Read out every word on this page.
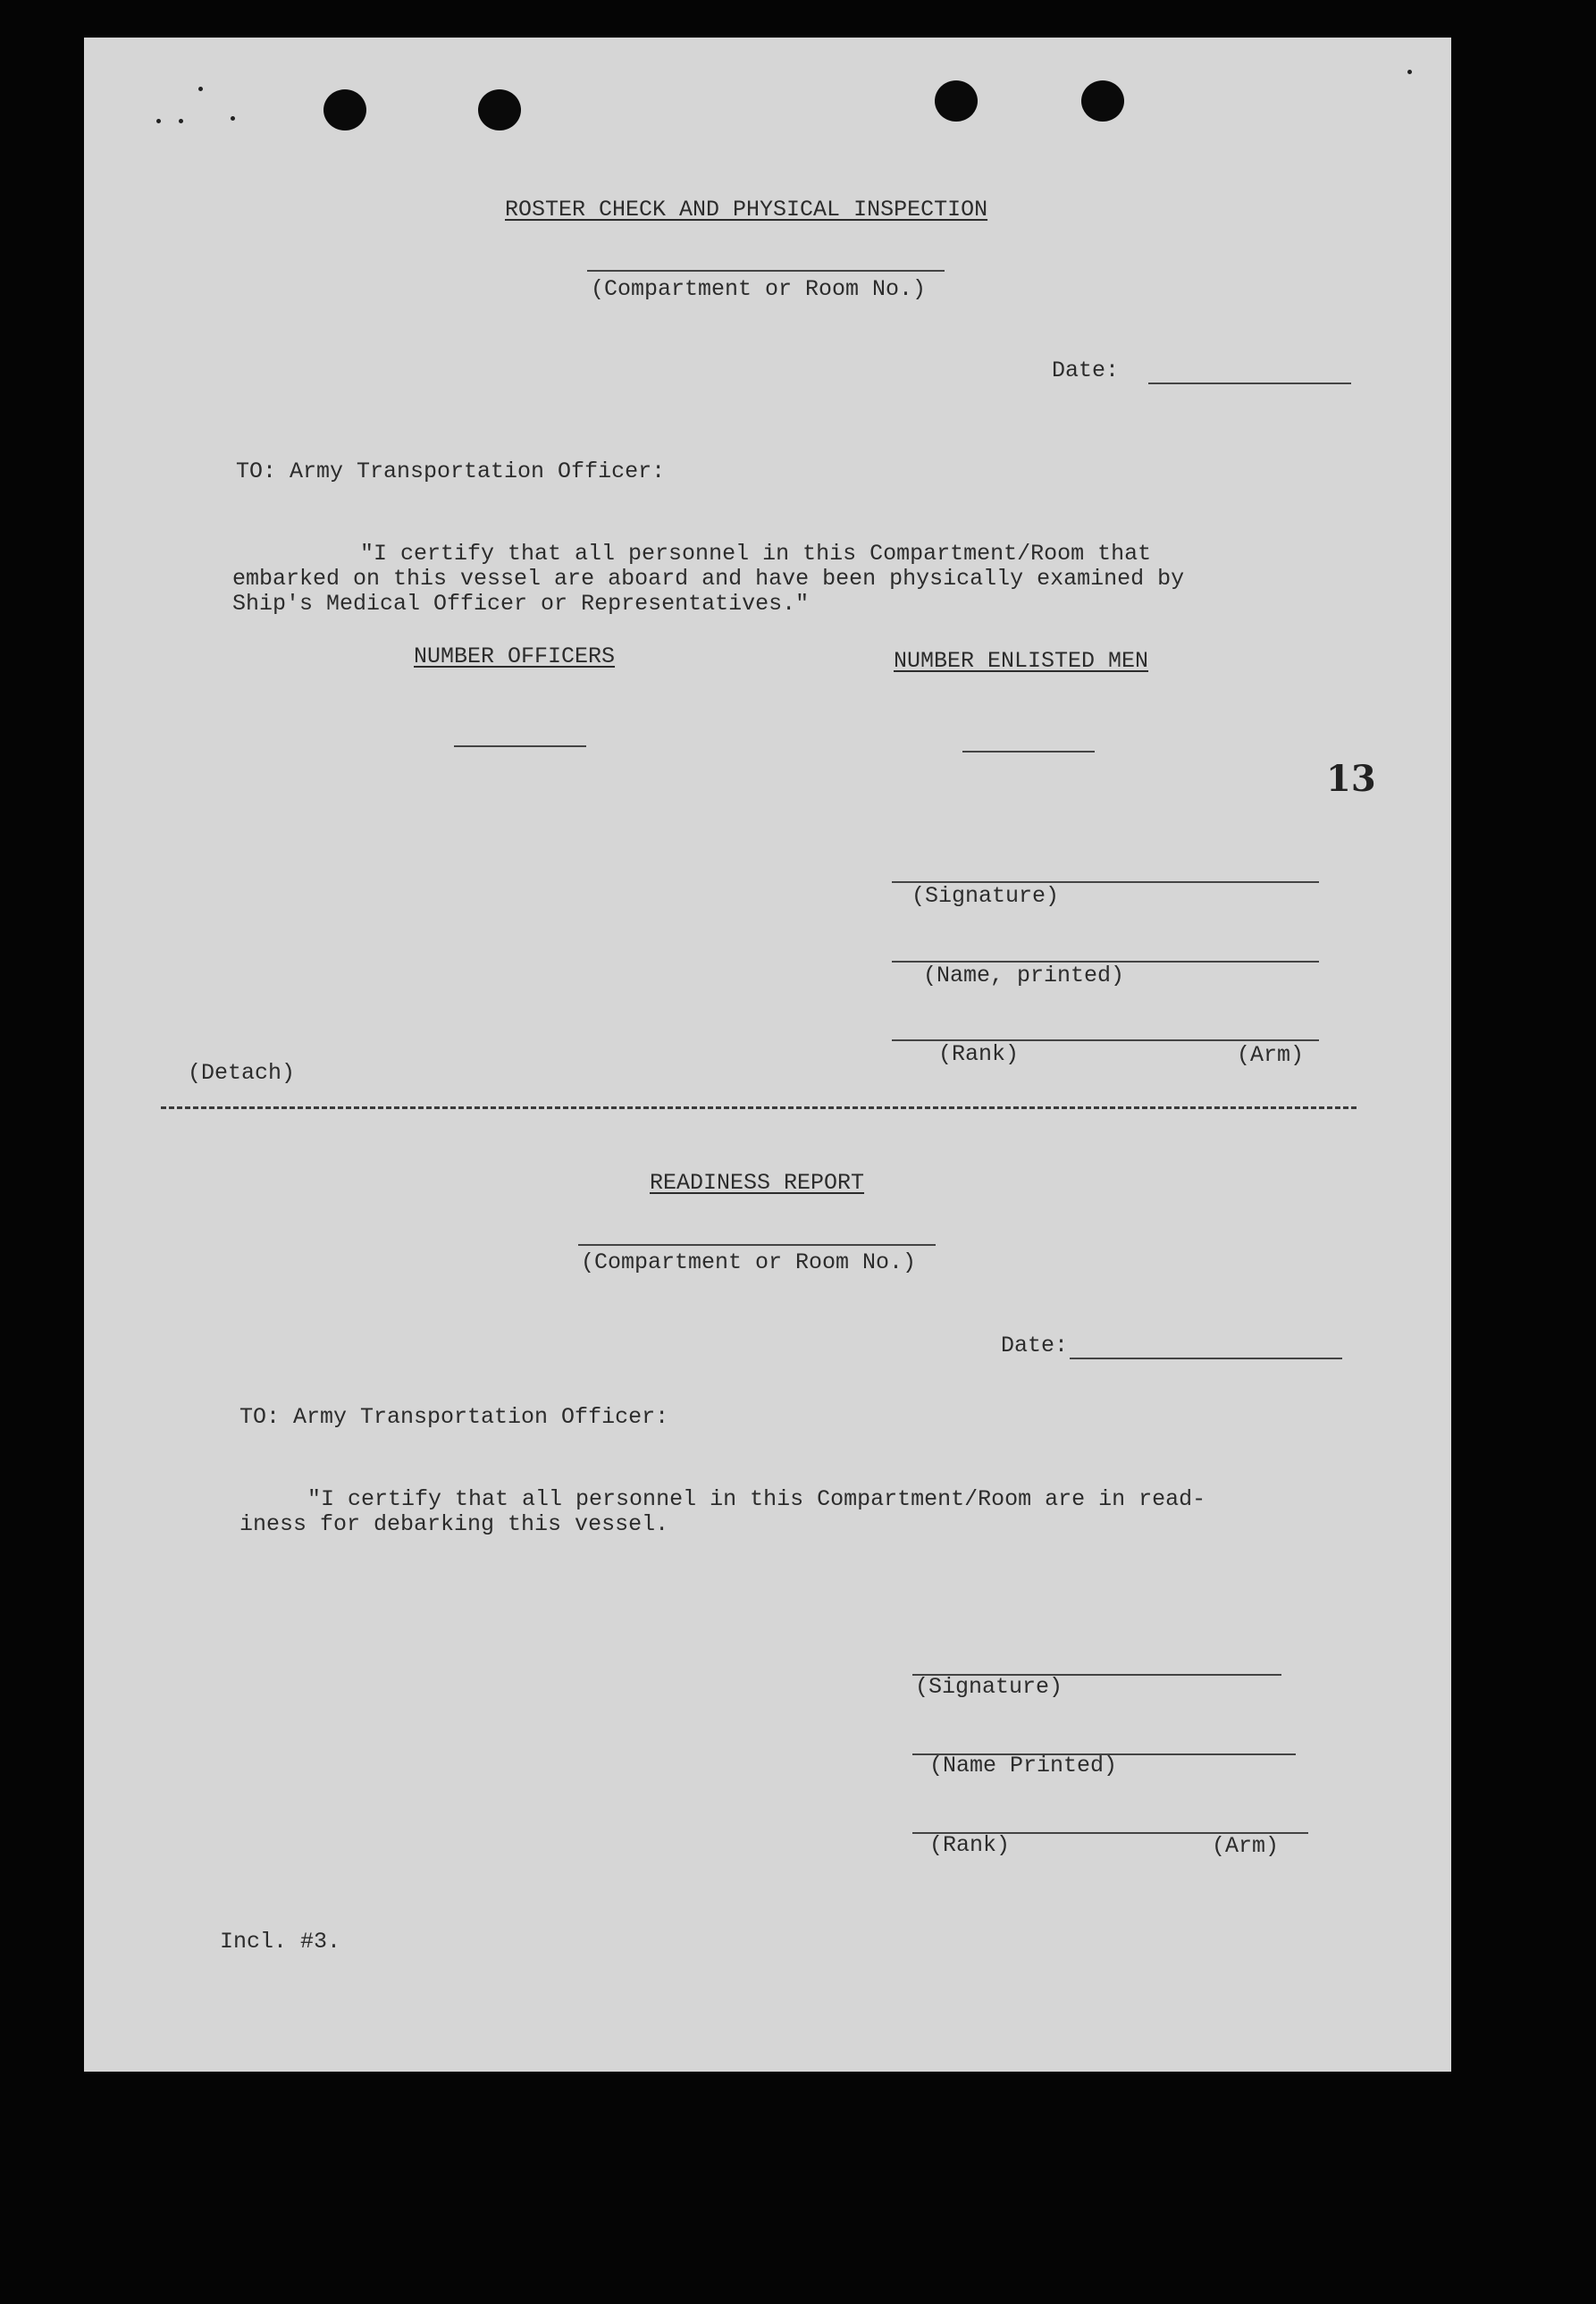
ROSTER CHECK AND PHYSICAL INSPECTION
(Compartment or Room No.)
Date:
TO: Army Transportation Officer:
"I certify that all personnel in this Compartment/Room that
embarked on this vessel are aboard and have been physically examined by
Ship's Medical Officer or Representatives."
NUMBER OFFICERS	NUMBER ENLISTED MEN
13
(Signature)
(Name, printed)
(Rank)	(Arm)
(Detach)
READINESS REPORT
(Compartment or Room No.)
Date:
TO: Army Transportation Officer:
"I certify that all personnel in this Compartment/Room are in read-
iness for debarking this vessel.
(Signature)
(Name Printed)
(Rank)	(Arm)
Incl. #3.
